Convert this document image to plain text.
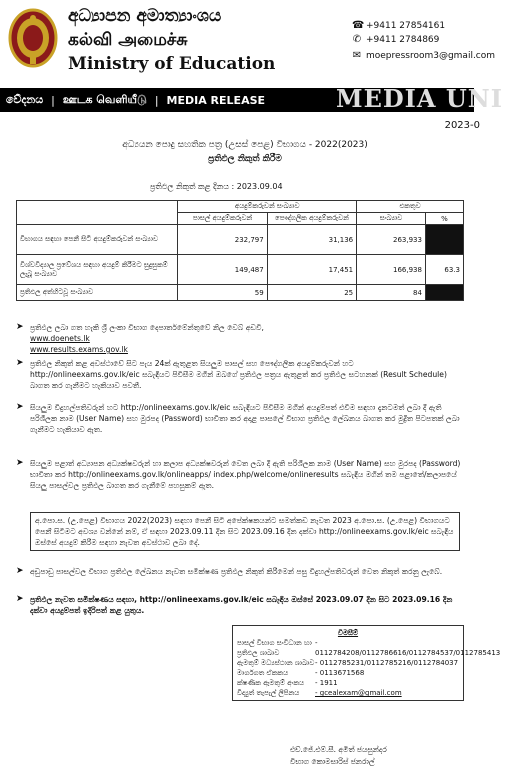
අධ්‍යාපන අමාත්‍යාංශය
கல்வி அமைச்சு
Ministry of Education
☎ +9411 27854161
✆ +9411 2784869
✉ moepressroom3@gmail.com
වේදනය | ஊடக வெளியீடு | MEDIA RELEASE	MEDIA UNI
2023-0
අධ්‍යයන පොදු සහතික පත්‍ර (උසස් පෙළ) විභාගය - 2022(2023)
ප්‍රතිඵල නිකුත් කිරීම
ප්‍රතිඵල නිකුත් කළ දිනය : 2023.09.04
	අයදුම්කරුවන් සංඛ්‍යාව		එකතුව	
	පාසල් අයදුම්කරුවන්	පෞද්ගලික අයදුම්කරුවන්	සංඛ්‍යාව	%
විභාගය සඳහා පෙනී සිටි අයදුම්කරුවන් සංඛ්‍යාව	232,797	31,136	263,933	
විශ්වවිද්‍යාල ප්‍රවේශය සඳහා අයදුම් කිරීමට සුදුසුකම් ලැබූ සංඛ්‍යාව	149,487	17,451	166,938	63.3
ප්‍රතිඵල අත්හිටවූ සංඛ්‍යාව	59	25	84	
➤ ප්‍රතිඵල ලබා ගත හැකි ශ්‍රී ලංකා විභාග දෙපාර්තමේන්තුවේ නිල වෙබ් අඩවි,
www.doenets.lk
www.results.exams.gov.lk
➤ ප්‍රතිඵල නිකුත් කළ අවස්ථාවේ සිට පැය 24ක් ඇතුළත සියලුම පාසල් සහ පෞද්ගලික අයදුම්කරුවන් හට http://onlineexams.gov.lk/eic සබැඳියට පිවිසීම මගින් ඔබගේ ප්‍රතිඵල පත්‍රය ඇතුළත් කර ප්‍රතිඵල සටහනක් (Result Schedule) බාගත කර ගැනීමට හැකියාව පවතී.
➤ සියලුම විදුහල්පතිවරුන් හට http://onlineexams.gov.lk/eic සබැඳියට පිවිසීම මගින් අයදුම්පත් එවීම සඳහා දැනටමත් ලබා දී ඇති පරිශීලක නාම (User Name) සහ මුරපද (Password) භාවිතා කර අදාළ පාසලේ විභාග ප්‍රතිඵල ලේඛනය බාගත කර මුද්‍රිත පිටපතක් ලබා ගැනීමට හැකියාව ඇත.
➤ සියලුම පළාත් අධ්‍යාපන අධ්‍යක්ෂවරුන් හා කලාප අධ්‍යක්ෂවරුන් වෙත ලබා දී ඇති පරිශීලක නාම (User Name) සහ මුරපද (Password) භාවිතා කර http://onlineexams.gov.lk/onlineapps/ index.php/welcome/onlineresults සබැඳිය මගින් තම පළාතේ/කලාපයේ සියලු පාසල්වල ප්‍රතිඵල බාගත කර ගැනීමේ පහසුකම් ඇත.
අ.පො.ස. (උ.පෙළ) විභාගය 2022(2023) සඳහා පෙනී සිටි අපේක්ෂකයන්ට සමත්කඩ නැවත 2023 අ.පො.ස. (උ.පෙළ) විභාගයට පෙනී සිටීමට අවශ්‍ය වන්නේ නම්, ඒ සඳහා 2023.09.11 දින සිට 2023.09.16 දින දක්වා http://onlineexams.gov.lk/eic සබැඳිය ඔස්සේ අයදුම් කිරීම සඳහා නැවත අවස්ථාව ලබා දේ.
➤ අඩුපාඩු පාසල්වල විභාග ප්‍රතිඵල ලේඛනය නැවත සමීක්ෂණ ප්‍රතිඵල නිකුත් කිරීමෙන් පසු විදුහල්පතිවරුන් වෙත නිකුත් කරනු ලැබේ.
➤ ප්‍රතිඵල නැවත සමීක්ෂණය සඳහා, http://onlineexams.gov.lk/eic සබැඳිය ඔස්සේ 2023.09.07 දින සිට 2023.09.16 දින දක්වා අයදුම්පත් ඉදිරිපත් කළ යුතුය.
විමසීම්
පාසල් විභාග සංවිධාන හා ප්‍රතිඵල ශාඛාව
- 0112784208/0112786616/0112784537/0112785413
ඇමතුම් මධ්‍යස්ථාන ශාඛාව - 0112785231/0112785216/0112784037
මාර්ගගත ඒකකය	- 0113671568
ක්ෂණික ඇමතුම් අංකය	- 1911
විද්‍යුත් තැපැල් ලිපිනය	- gcealexam@gmail.com
එච්.ජේ.එම්.සී. අමිත් ජයසුන්දර
විභාග කොමසාරිස් ජනරාල්
